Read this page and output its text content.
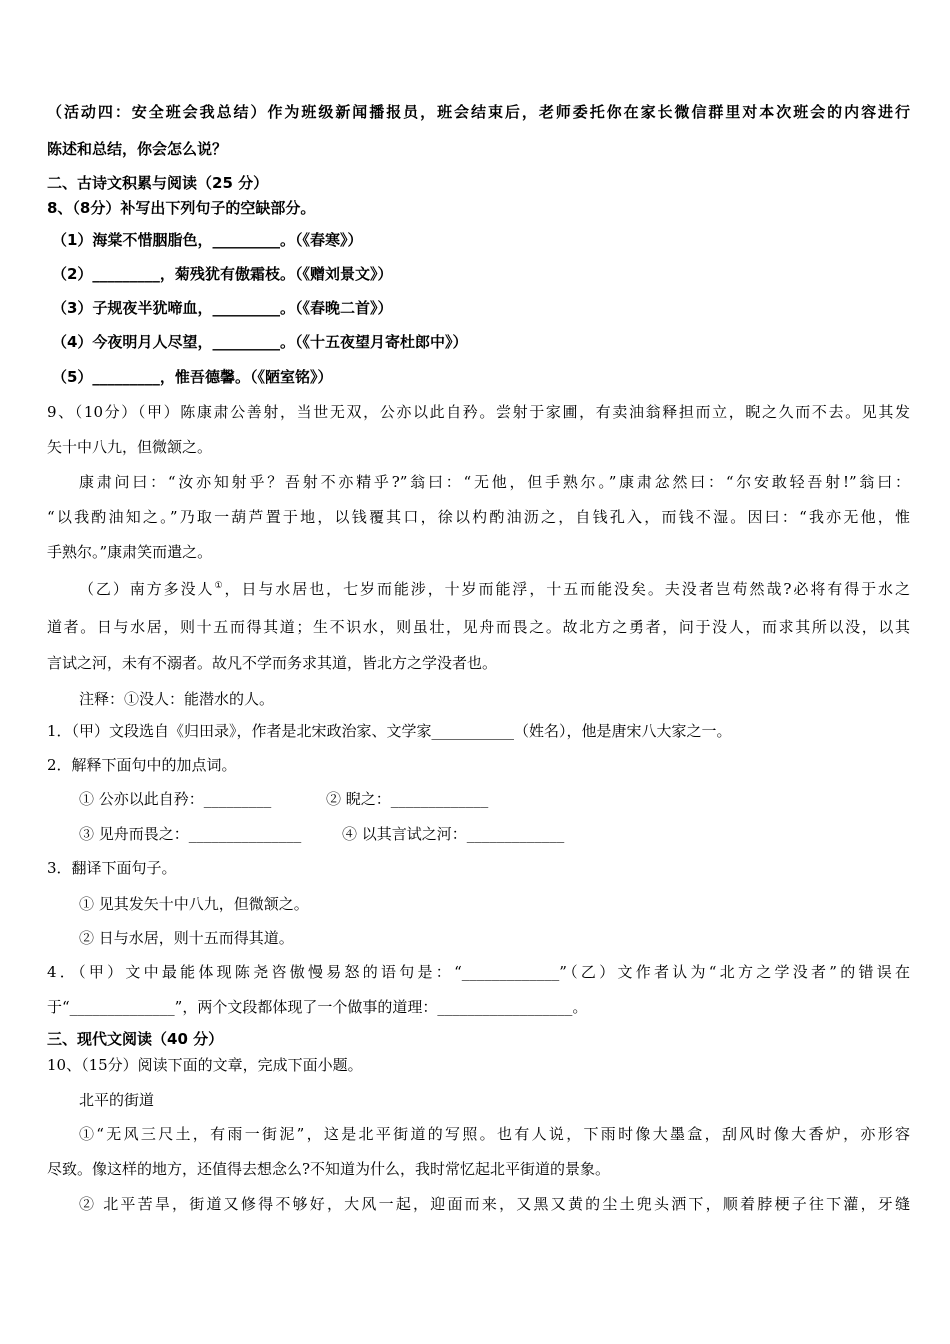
（活动四：安全班会我总结）作为班级新闻播报员，班会结束后，老师委托你在家长微信群里对本次班会的内容进行
陈述和总结，你会怎么说？
二、古诗文积累与阅读（25 分）
8、（8分）补写出下列句子的空缺部分。
（1）海棠不惜胭脂色，_________。（《春寒》）
（2）_________，菊残犹有傲霜枝。（《赠刘景文》）
（3）子规夜半犹啼血，_________。（《春晚二首》）
（4）今夜明月人尽望，_________。（《十五夜望月寄杜郎中》）
（5）_________，惟吾德馨。（《陋室铭》）
9、（10分）（甲）陈康肃公善射，当世无双，公亦以此自矜。尝射于家圃，有卖油翁释担而立，睨之久而不去。见其发
矢十中八九，但微颔之。
康肃问曰：“汝亦知射乎？吾射不亦精乎?”翁曰：“无他，但手熟尔。”康肃忿然曰：“尔安敢轻吾射!”翁曰：
“以我酌油知之。”乃取一葫芦置于地，以钱覆其口，徐以杓酌油沥之，自钱孔入，而钱不湿。因曰：“我亦无他，惟
手熟尔。”康肃笑而遣之。
（乙）南方多没人①，日与水居也，七岁而能涉，十岁而能浮，十五而能没矣。夫没者岂苟然哉?必将有得于水之
道者。日与水居，则十五而得其道；生不识水，则虽壮，见舟而畏之。故北方之勇者，问于没人，而求其所以没，以其
言试之河，未有不溺者。故凡不学而务求其道，皆北方之学没者也。
注释：①没人：能潜水的人。
1．（甲）文段选自《归田录》，作者是北宋政治家、文学家___________（姓名），他是唐宋八大家之一。
2．解释下面句中的加点词。
① 公亦以此自矜：_________	② 睨之：_____________
③ 见舟而畏之：_______________	④ 以其言试之河：_____________
3．翻译下面句子。
① 见其发矢十中八九，但微颔之。
② 日与水居，则十五而得其道。
4．（甲）文中最能体现陈尧咨傲慢易怒的语句是：“_____________”（乙）文作者认为“北方之学没者”的错误在
于“______________”，两个文段都体现了一个做事的道理：__________________。
三、现代文阅读（40 分）
10、（15分）阅读下面的文章，完成下面小题。
北平的街道
①“无风三尺土，有雨一街泥”，这是北平街道的写照。也有人说，下雨时像大墨盒，刮风时像大香炉，亦形容
尽致。像这样的地方，还值得去想念么?不知道为什么，我时常忆起北平街道的景象。
② 北平苦旱，街道又修得不够好，大风一起，迎面而来，又黑又黄的尘土兜头洒下，顺着脖梗子往下灌，牙缝
